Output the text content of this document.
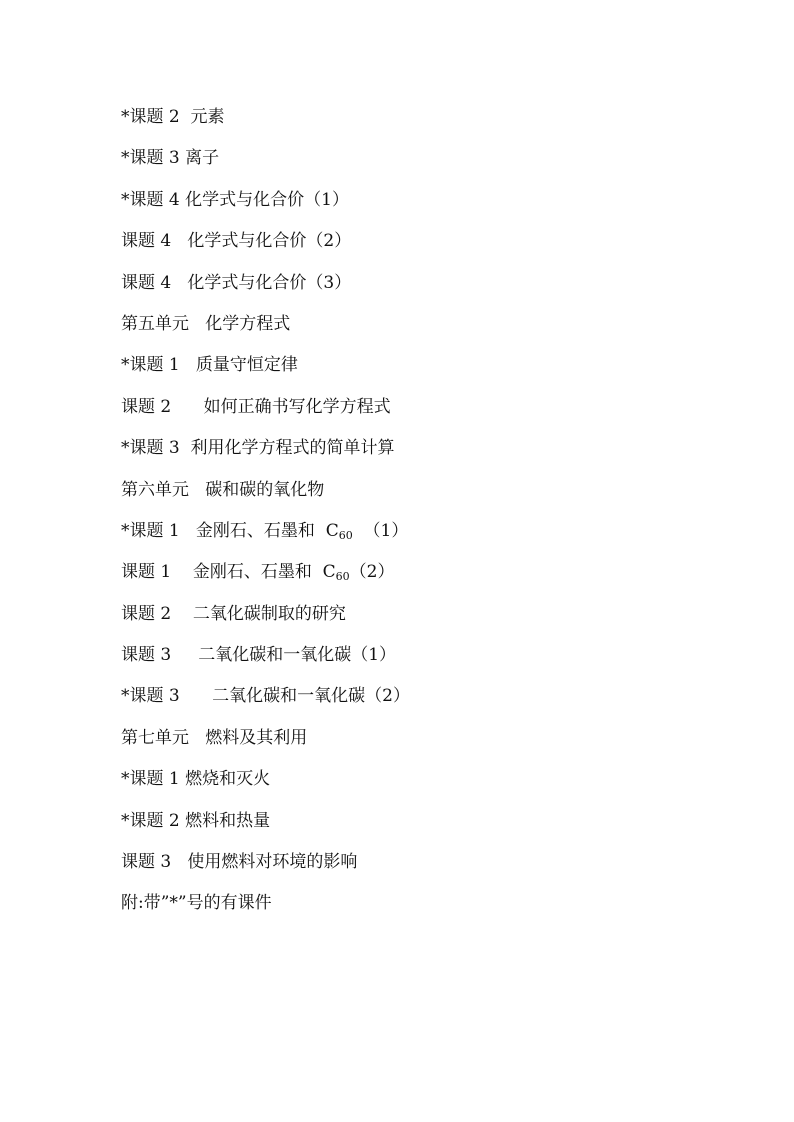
*课题 2  元素
*课题 3 离子
*课题 4 化学式与化合价（1）
课题 4   化学式与化合价（2）
课题 4   化学式与化合价（3）
第五单元   化学方程式
*课题 1   质量守恒定律
课题 2      如何正确书写化学方程式
*课题 3  利用化学方程式的简单计算
第六单元   碳和碳的氧化物
*课题 1   金刚石、石墨和  $C_{60}$  （1）
课题 1    金刚石、石墨和  $C_{60}(2)$
课题 2    二氧化碳制取的研究
课题 3     二氧化碳和一氧化碳（1）
*课题 3      二氧化碳和一氧化碳（2）
第七单元   燃料及其利用
*课题 1 燃烧和灭火
*课题 2 燃料和热量
课题 3   使用燃料对环境的影响
附:带”*”号的有课件
